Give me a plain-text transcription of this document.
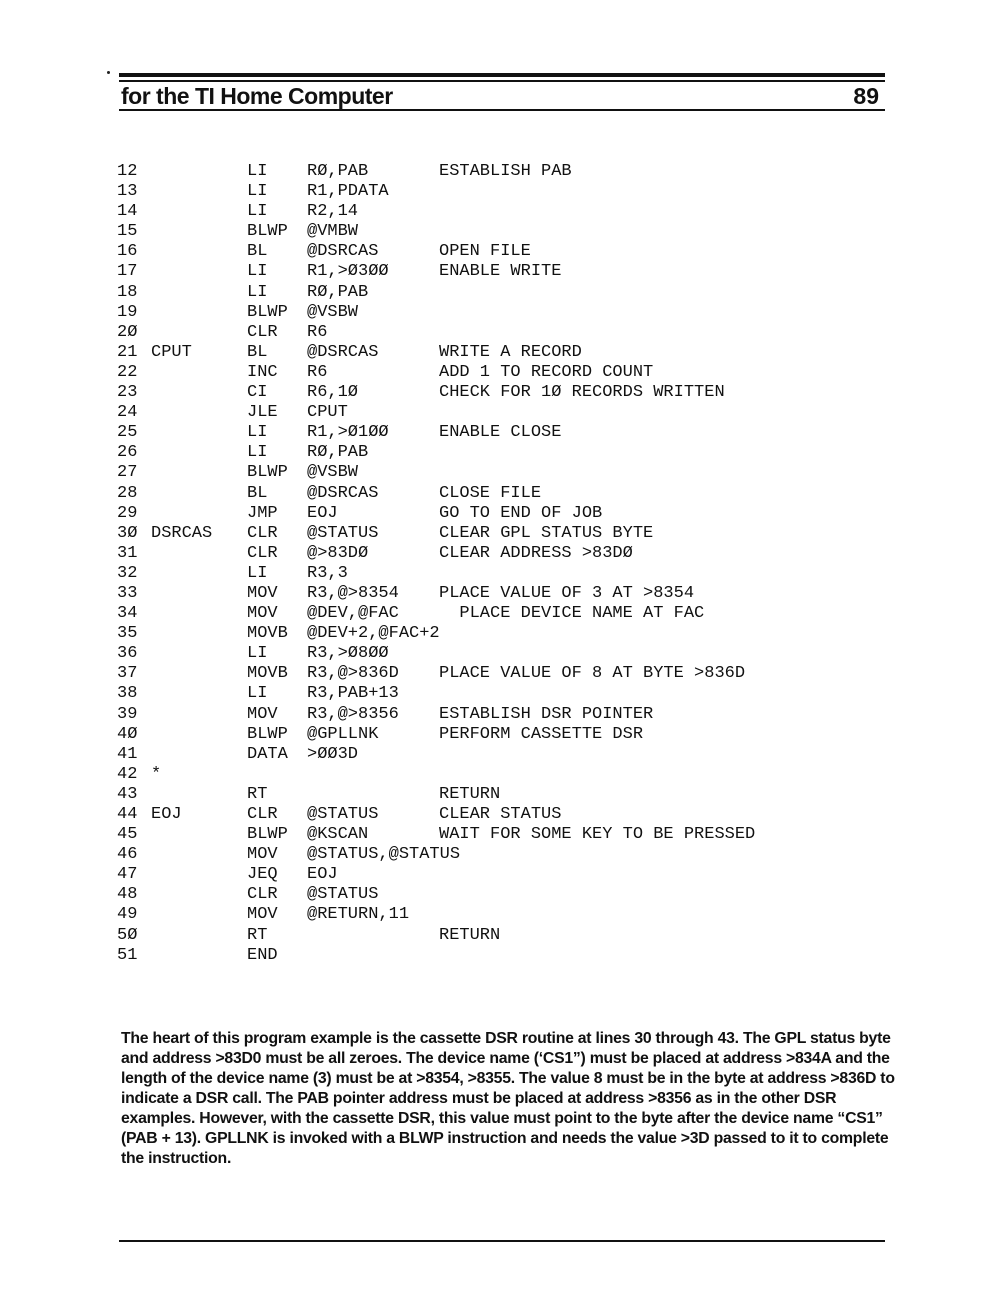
for the TI Home Computer	89
12	LI RØ,PAB	ESTABLISH PAB
13	LI R1,PDATA
14	LI R2,14
15	BLWP @VMBW
16	BL @DSRCAS	OPEN FILE
17	LI R1,>Ø3ØØ	ENABLE WRITE
18	LI RØ,PAB
19	BLWP @VSBW
2Ø	CLR R6
21 CPUT	BL @DSRCAS	WRITE A RECORD
22	INC R6	ADD 1 TO RECORD COUNT
23	CI R6,1Ø	CHECK FOR 1Ø RECORDS WRITTEN
24	JLE CPUT
25	LI R1,>Ø1ØØ	ENABLE CLOSE
26	LI RØ,PAB
27	BLWP @VSBW
28	BL @DSRCAS	CLOSE FILE
29	JMP EOJ	GO TO END OF JOB
3Ø DSRCAS CLR @STATUS	CLEAR GPL STATUS BYTE
31	CLR @>83DØ	CLEAR ADDRESS >83DØ
32	LI R3,3
33	MOV R3,@>8354 PLACE VALUE OF 3 AT >8354
34	MOV @DEV,@FAC PLACE DEVICE NAME AT FAC
35	MOVB @DEV+2,@FAC+2
36	LI R3,>Ø8ØØ
37	MOVB R3,@>836D PLACE VALUE OF 8 AT BYTE >836D
38	LI R3,PAB+13
39	MOV R3,@>8356 ESTABLISH DSR POINTER
4Ø	BLWP @GPLLNK	PERFORM CASSETTE DSR
41	DATA >ØØ3D
42 *
43	RT	RETURN
44 EOJ	CLR @STATUS	CLEAR STATUS
45	BLWP @KSCAN	WAIT FOR SOME KEY TO BE PRESSED
46	MOV @STATUS,@STATUS
47	JEQ EOJ
48	CLR @STATUS
49	MOV @RETURN,11
5Ø	RT	RETURN
51	END
The heart of this program example is the cassette DSR routine at lines 30 through 43. The GPL status byte and address >83D0 must be all zeroes. The device name (‘CS1”) must be placed at address >834A and the length of the device name (3) must be at >8354, >8355. The value 8 must be in the byte at address >836D to indicate a DSR call. The PAB pointer address must be placed at address >8356 as in the other DSR examples. However, with the cassette DSR, this value must point to the byte after the device name “CS1” (PAB + 13). GPLLNK is invoked with a BLWP instruction and needs the value >3D passed to it to complete the instruction.
